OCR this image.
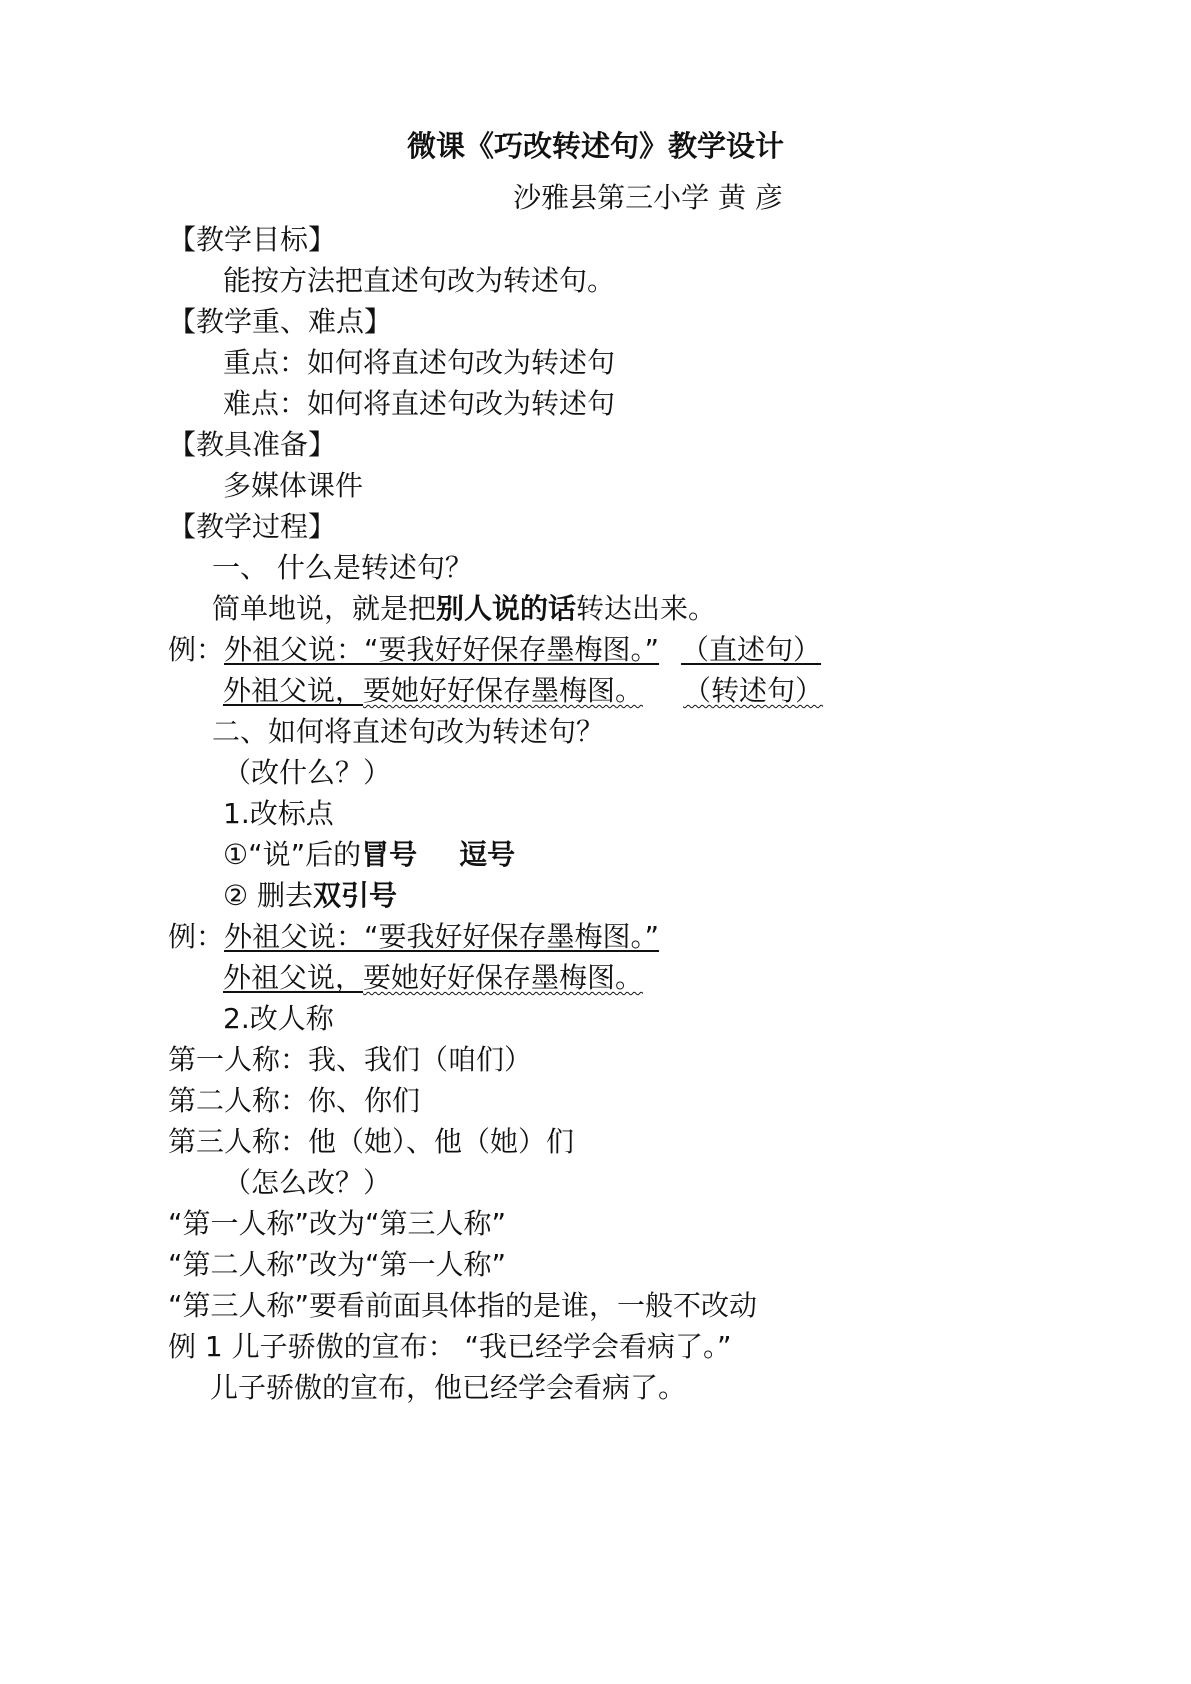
微课《巧改转述句》教学设计
沙雅县第三小学 黄 彦
【教学目标】
能按方法把直述句改为转述句。
【教学重、难点】
重点：如何将直述句改为转述句
难点：如何将直述句改为转述句
【教具准备】
多媒体课件
【教学过程】
一、 什么是转述句？
简单地说，就是把别人说的话转达出来。
例：外祖父说：“要我好好保存墨梅图。” （直述句）
外祖父说，要她好好保存墨梅图。 （转述句）
二、如何将直述句改为转述句？
（改什么？）
1.改标点
①“说”后的冒号 逗号
② 删去双引号
例：外祖父说：“要我好好保存墨梅图。”
外祖父说，要她好好保存墨梅图。
2.改人称
第一人称：我、我们（咱们）
第二人称：你、你们
第三人称：他（她）、他（她）们
（怎么改？）
“第一人称”改为“第三人称”
“第二人称”改为“第一人称”
“第三人称”要看前面具体指的是谁，一般不改动
例 1 儿子骄傲的宣布： “我已经学会看病了。”
儿子骄傲的宣布，他已经学会看病了。
